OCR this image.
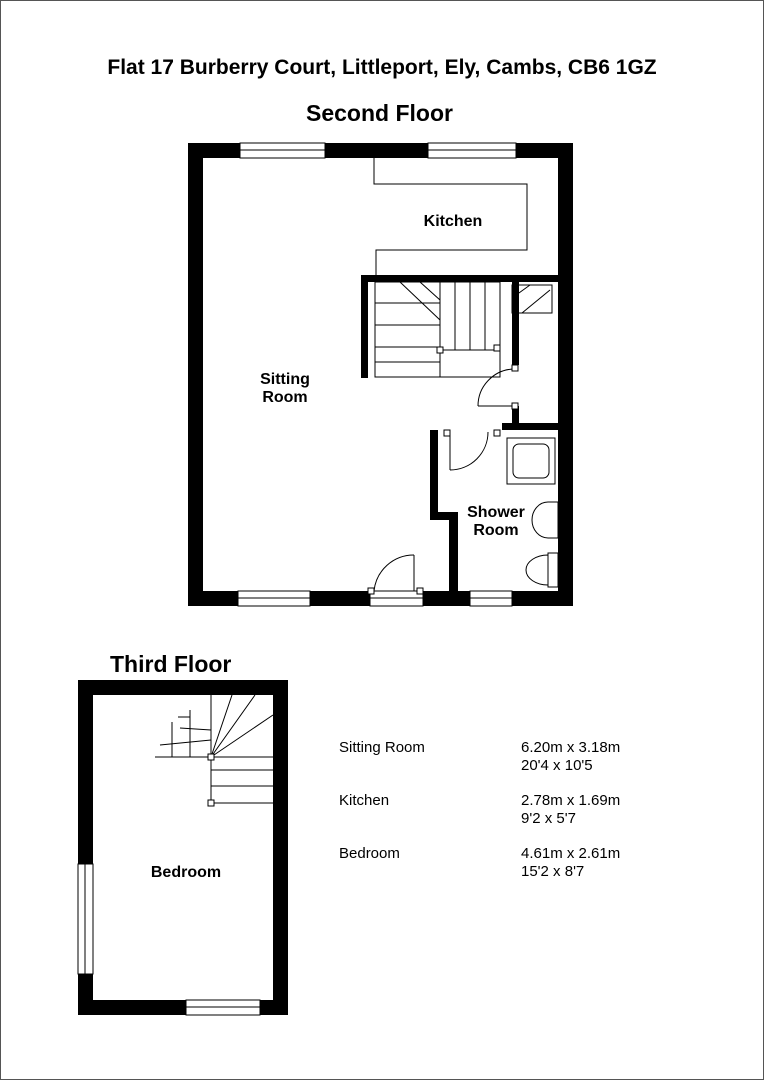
Flat 17 Burberry Court, Littleport, Ely, Cambs, CB6 1GZ
Second Floor
Third Floor
Kitchen
Sitting
Room
Shower
Room
Bedroom
Sitting Room	6.20m x 3.18m
20'4 x 10'5
Kitchen	2.78m x 1.69m
9'2 x 5'7
Bedroom	4.61m x 2.61m
15'2 x 8'7
